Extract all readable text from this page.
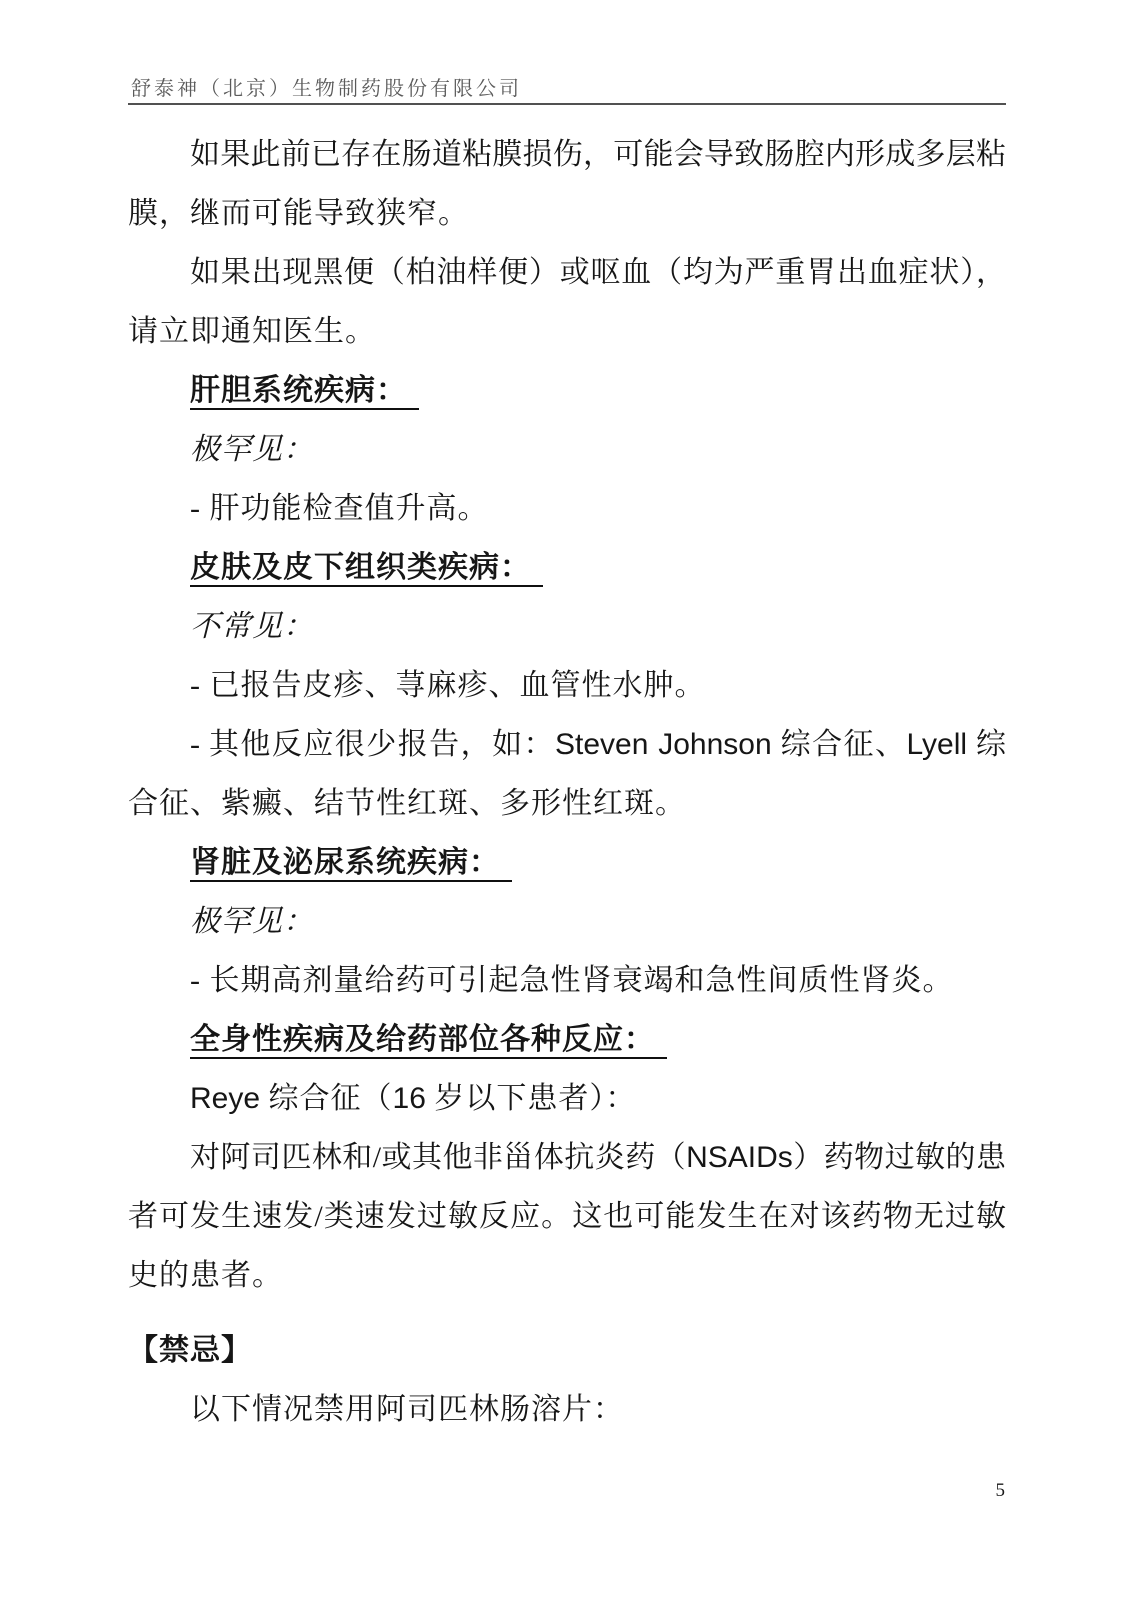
舒泰神（北京）生物制药股份有限公司
如果此前已存在肠道粘膜损伤，可能会导致肠腔内形成多层粘
膜，继而可能导致狭窄。
如果出现黑便（柏油样便）或呕血（均为严重胃出血症状），
请立即通知医生。
肝胆系统疾病：
极罕见：
- 肝功能检查值升高。
皮肤及皮下组织类疾病：
不常见：
- 已报告皮疹、荨麻疹、血管性水肿。
- 其他反应很少报告，如：Steven Johnson 综合征、Lyell 综
合征、紫癜、结节性红斑、多形性红斑。
肾脏及泌尿系统疾病：
极罕见：
- 长期高剂量给药可引起急性肾衰竭和急性间质性肾炎。
全身性疾病及给药部位各种反应：
Reye 综合征（16 岁以下患者）：
对阿司匹林和/或其他非甾体抗炎药（NSAIDs）药物过敏的患
者可发生速发/类速发过敏反应。这也可能发生在对该药物无过敏
史的患者。
【禁忌】
以下情况禁用阿司匹林肠溶片：
5
